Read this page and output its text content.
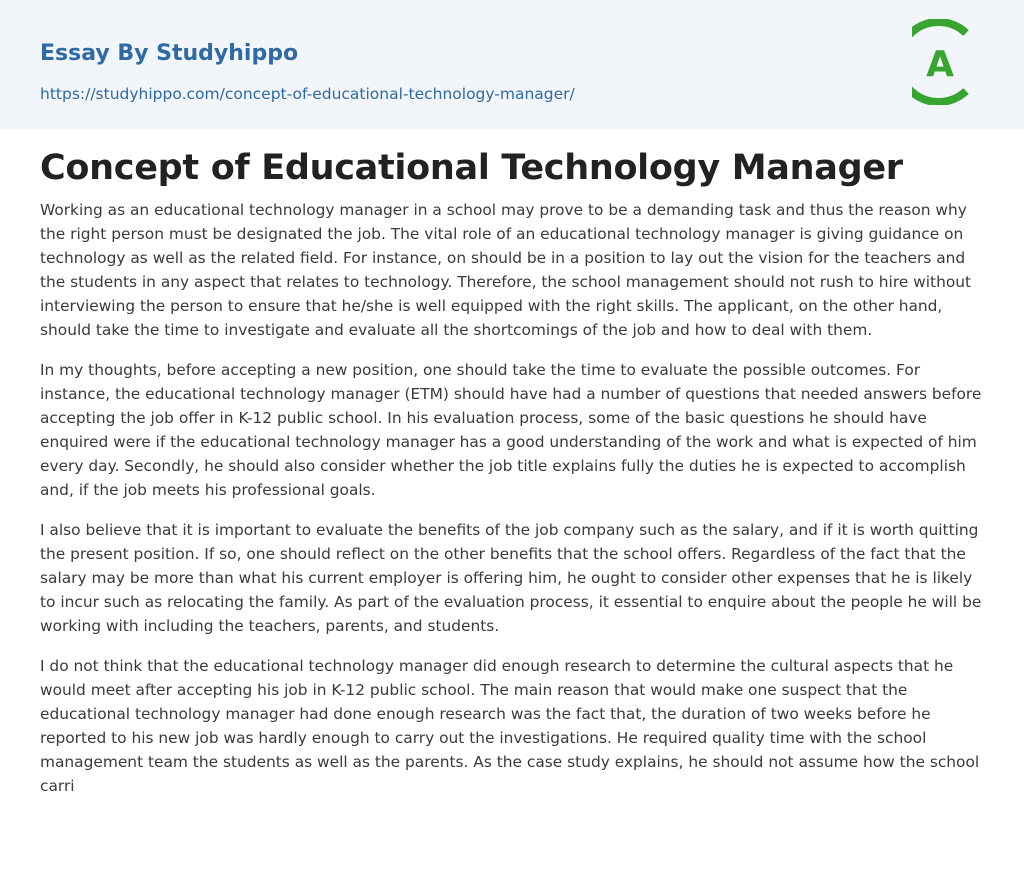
Essay By Studyhippo
https://studyhippo.com/concept-of-educational-technology-manager/
A
Concept of Educational Technology Manager

Working as an educational technology manager in a school may prove to be a demanding task and thus the reason why the right person must be designated the job. The vital role of an educational technology manager is giving guidance on technology as well as the related field. For instance, on should be in a position to lay out the vision for the teachers and the students in any aspect that relates to technology. Therefore, the school management should not rush to hire without interviewing the person to ensure that he/she is well equipped with the right skills. The applicant, on the other hand, should take the time to investigate and evaluate all the shortcomings of the job and how to deal with them.

In my thoughts, before accepting a new position, one should take the time to evaluate the possible outcomes. For instance, the educational technology manager (ETM) should have had a number of questions that needed answers before accepting the job offer in K-12 public school. In his evaluation process, some of the basic questions he should have enquired were if the educational technology manager has a good understanding of the work and what is expected of him every day. Secondly, he should also consider whether the job title explains fully the duties he is expected to accomplish and, if the job meets his professional goals.

I also believe that it is important to evaluate the benefits of the job company such as the salary, and if it is worth quitting the present position. If so, one should reflect on the other benefits that the school offers. Regardless of the fact that the salary may be more than what his current employer is offering him, he ought to consider other expenses that he is likely to incur such as relocating the family. As part of the evaluation process, it essential to enquire about the people he will be working with including the teachers, parents, and students.

I do not think that the educational technology manager did enough research to determine the cultural aspects that he would meet after accepting his job in K-12 public school. The main reason that would make one suspect that the educational technology manager had done enough research was the fact that, the duration of two weeks before he reported to his new job was hardly enough to carry out the investigations. He required quality time with the school management team the students as well as the parents. As the case study explains, he should not assume how the school carri
